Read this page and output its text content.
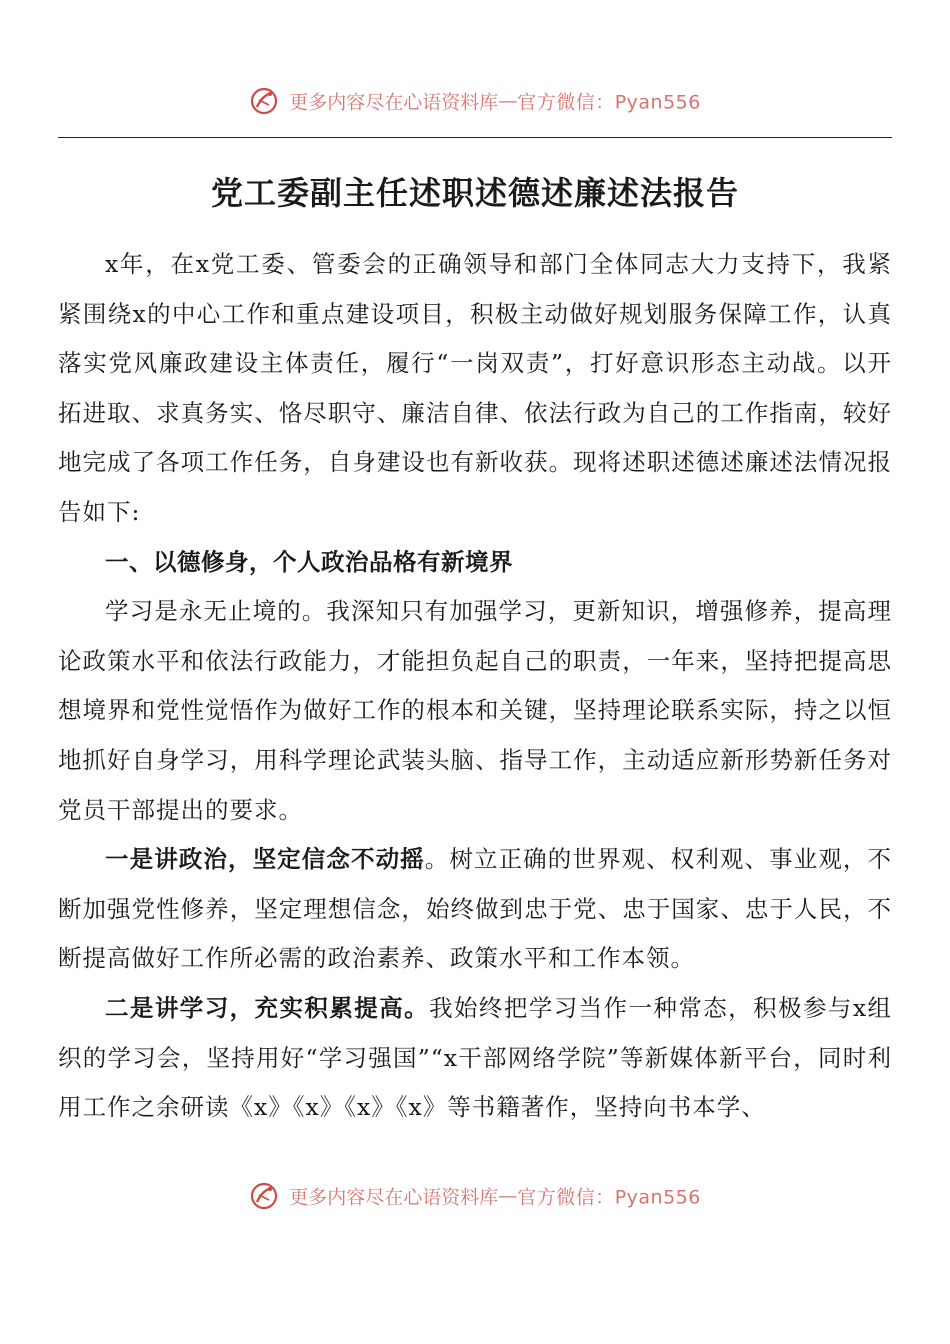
更多内容尽在心语资料库—官方微信：Pyan556
党工委副主任述职述德述廉述法报告

x年，在x党工委、管委会的正确领导和部门全体同志大力支持下，我紧紧围绕x的中心工作和重点建设项目，积极主动做好规划服务保障工作，认真落实党风廉政建设主体责任，履行“一岗双责”，打好意识形态主动战。以开拓进取、求真务实、恪尽职守、廉洁自律、依法行政为自己的工作指南，较好地完成了各项工作任务，自身建设也有新收获。现将述职述德述廉述法情况报告如下:

一、以德修身，个人政治品格有新境界

学习是永无止境的。我深知只有加强学习，更新知识，增强修养，提高理论政策水平和依法行政能力，才能担负起自己的职责，一年来，坚持把提高思想境界和党性觉悟作为做好工作的根本和关键，坚持理论联系实际，持之以恒地抓好自身学习，用科学理论武装头脑、指导工作，主动适应新形势新任务对党员干部提出的要求。

一是讲政治，坚定信念不动摇。树立正确的世界观、权利观、事业观，不断加强党性修养，坚定理想信念，始终做到忠于党、忠于国家、忠于人民，不断提高做好工作所必需的政治素养、政策水平和工作本领。

二是讲学习，充实积累提高。我始终把学习当作一种常态，积极参与x组织的学习会，坚持用好“学习强国”“x干部网络学院”等新媒体新平台，同时利用工作之余研读《x》《x》《x》《x》等书籍著作，坚持向书本学、

更多内容尽在心语资料库—官方微信：Pyan556
